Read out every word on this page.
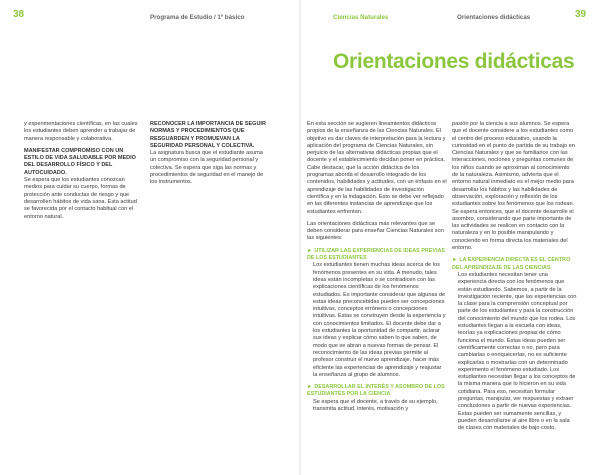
38	Programa de Estudio / 1º básico

y experimentaciones científicas, en las cuales los estudiantes deben aprender a trabajar de manera responsable y colaborativa.

MANIFESTAR COMPROMISO CON UN ESTILO DE VIDA SALUDABLE POR MEDIO DEL DESARROLLO FÍSICO Y DEL AUTOCUIDADO.

Se espera que los estudiantes conozcan medios para cuidar su cuerpo, formas de protección ante conductas de riesgo y que desarrollen hábitos de vida sana. Esta actitud se favorecida por el contacto habitual con el entorno natural.

RECONOCER LA IMPORTANCIA DE SEGUIR NORMAS Y PROCEDIMIENTOS QUE RESGUARDEN Y PROMUEVAN LA SEGURIDAD PERSONAL Y COLECTIVA.

La asignatura busca que el estudiante asuma un compromiso con la seguridad personal y colectiva. Se espera que siga las normas y procedimientos de seguridad en el manejo de los instrumentos.

Ciencias Naturales	Orientaciones didácticas	39
Orientaciones didácticas

En esta sección se sugieren lineamientos didácticos propios de la enseñanza de las Ciencias Naturales. El objetivo es dar claves de interpretación para la lectura y aplicación del programa de Ciencias Naturales, sin perjuicio de las alternativas didácticas propias que el docente y el establecimiento decidan poner en práctica. Cabe destacar, que la acción didáctica de los programas aborda el desarrollo integrado de los contenidos, habilidades y actitudes, con un énfasis en el aprendizaje de las habilidades de investigación científica y en la indagación. Esto se debe ver reflejado en las diferentes instancias de aprendizaje que los estudiantes enfrentan.

Las orientaciones didácticas más relevantes que se deben considerar para enseñar Ciencias Naturales son las siguientes:

► UTILIZAR LAS EXPERIENCIAS DE IDEAS PREVIAS DE LOS ESTUDIANTES

Los estudiantes tienen muchas ideas acerca de los fenómenos presentes en su vida. A menudo, tales ideas están incompletas o se contradicen con las explicaciones científicas de los fenómenos estudiados. Es importante considerar que algunas de estas ideas preconcebidas pueden ser concepciones intuitivas, conceptos erróneos o concepciones intuitivas. Estas se construyen desde la experiencia y con conocimientos limitados. El docente debe dar a los estudiantes la oportunidad de compartir, aclarar sus ideas y explicar cómo saben lo que saben, de modo que se abran a nuevas formas de pensar. El reconocimiento de las ideas previas permite al profesor construir el nuevo aprendizaje, hacer más eficiente las experiencias de aprendizaje y reajustar la enseñanza al grupo de alumnos.

► DESARROLLAR EL INTERÉS Y ASOMBRO DE LOS ESTUDIANTES POR LA CIENCIA

Se espera que el docente, a través de su ejemplo, transmita actitud, interés, motivación y

pasión por la ciencia a sus alumnos. Se espera que el docente considere a los estudiantes como el centro del proceso educativo, usando la curiosidad en el punto de partida de su trabajo en Ciencias Naturales y que se familiarice con las interacciones, nociones y preguntas comunes de los niños cuando se aproximan al conocimiento de la naturaleza. Asimismo, advierta que el entorno natural inmediato es el mejor medio para desarrollar los hábitos y las habilidades de observación, exploración y reflexión de los estudiantes sobre los fenómenos que los rodean. Se espera entonces, que el docente desarrolle el asombro, considerando que parte importante de las actividades se realicen en contacto con la naturaleza y en lo posible manipulando y conociendo en forma directa los materiales del entorno.

► LA EXPERIENCIA DIRECTA ES EL CENTRO DEL APRENDIZAJE DE LAS CIENCIAS

Los estudiantes necesitan tener una experiencia directa con los fenómenos que están estudiando. Sabemos, a partir de la investigación reciente, que las experiencias con la clase para la comprensión conceptual por parte de los estudiantes y para la construcción del conocimiento del mundo que los rodea. Los estudiantes llegan a la escuela con ideas, teorías ya explicaciones propias de cómo funciona el mundo. Estas ideas pueden ser científicamente correctas o no, pero para cambiarlas o enriquecerlas, no es suficiente explicarlas o mostrarlas con un determinado experimento el fenómeno estudiado. Los estudiantes necesitan llegar a los conceptos de la misma manera que lo hicieron en su vida cotidiana. Para eso, necesitan formular preguntas, manipular, ver respuestas y extraer conclusiones a partir de nuevas experiencias. Estas pueden ser sumamente sencillas, y pueden desarrollarse al aire libre o en la sala de clases con materiales de bajo costo.
